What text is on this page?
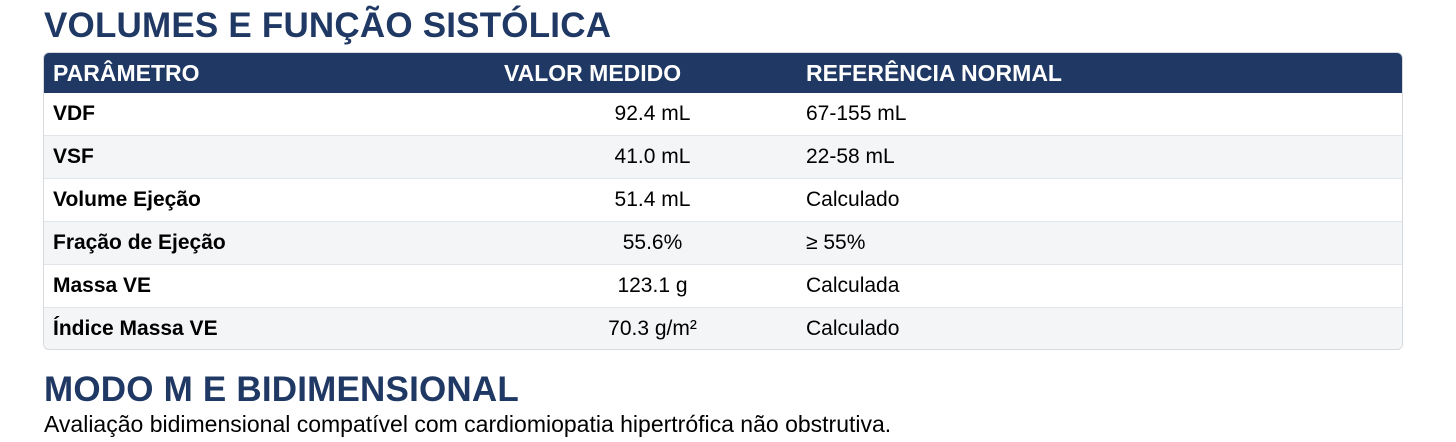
VOLUMES E FUNÇÃO SISTÓLICA
PARÂMETRO	VALOR MEDIDO	REFERÊNCIA NORMAL
VDF	92.4 mL	67-155 mL
VSF	41.0 mL	22-58 mL
Volume Ejeção	51.4 mL	Calculado
Fração de Ejeção	55.6%	≥ 55%
Massa VE	123.1 g	Calculada
Índice Massa VE	70.3 g/m²	Calculado
MODO M E BIDIMENSIONAL

Avaliação bidimensional compatível com cardiomiopatia hipertrófica não obstrutiva.
